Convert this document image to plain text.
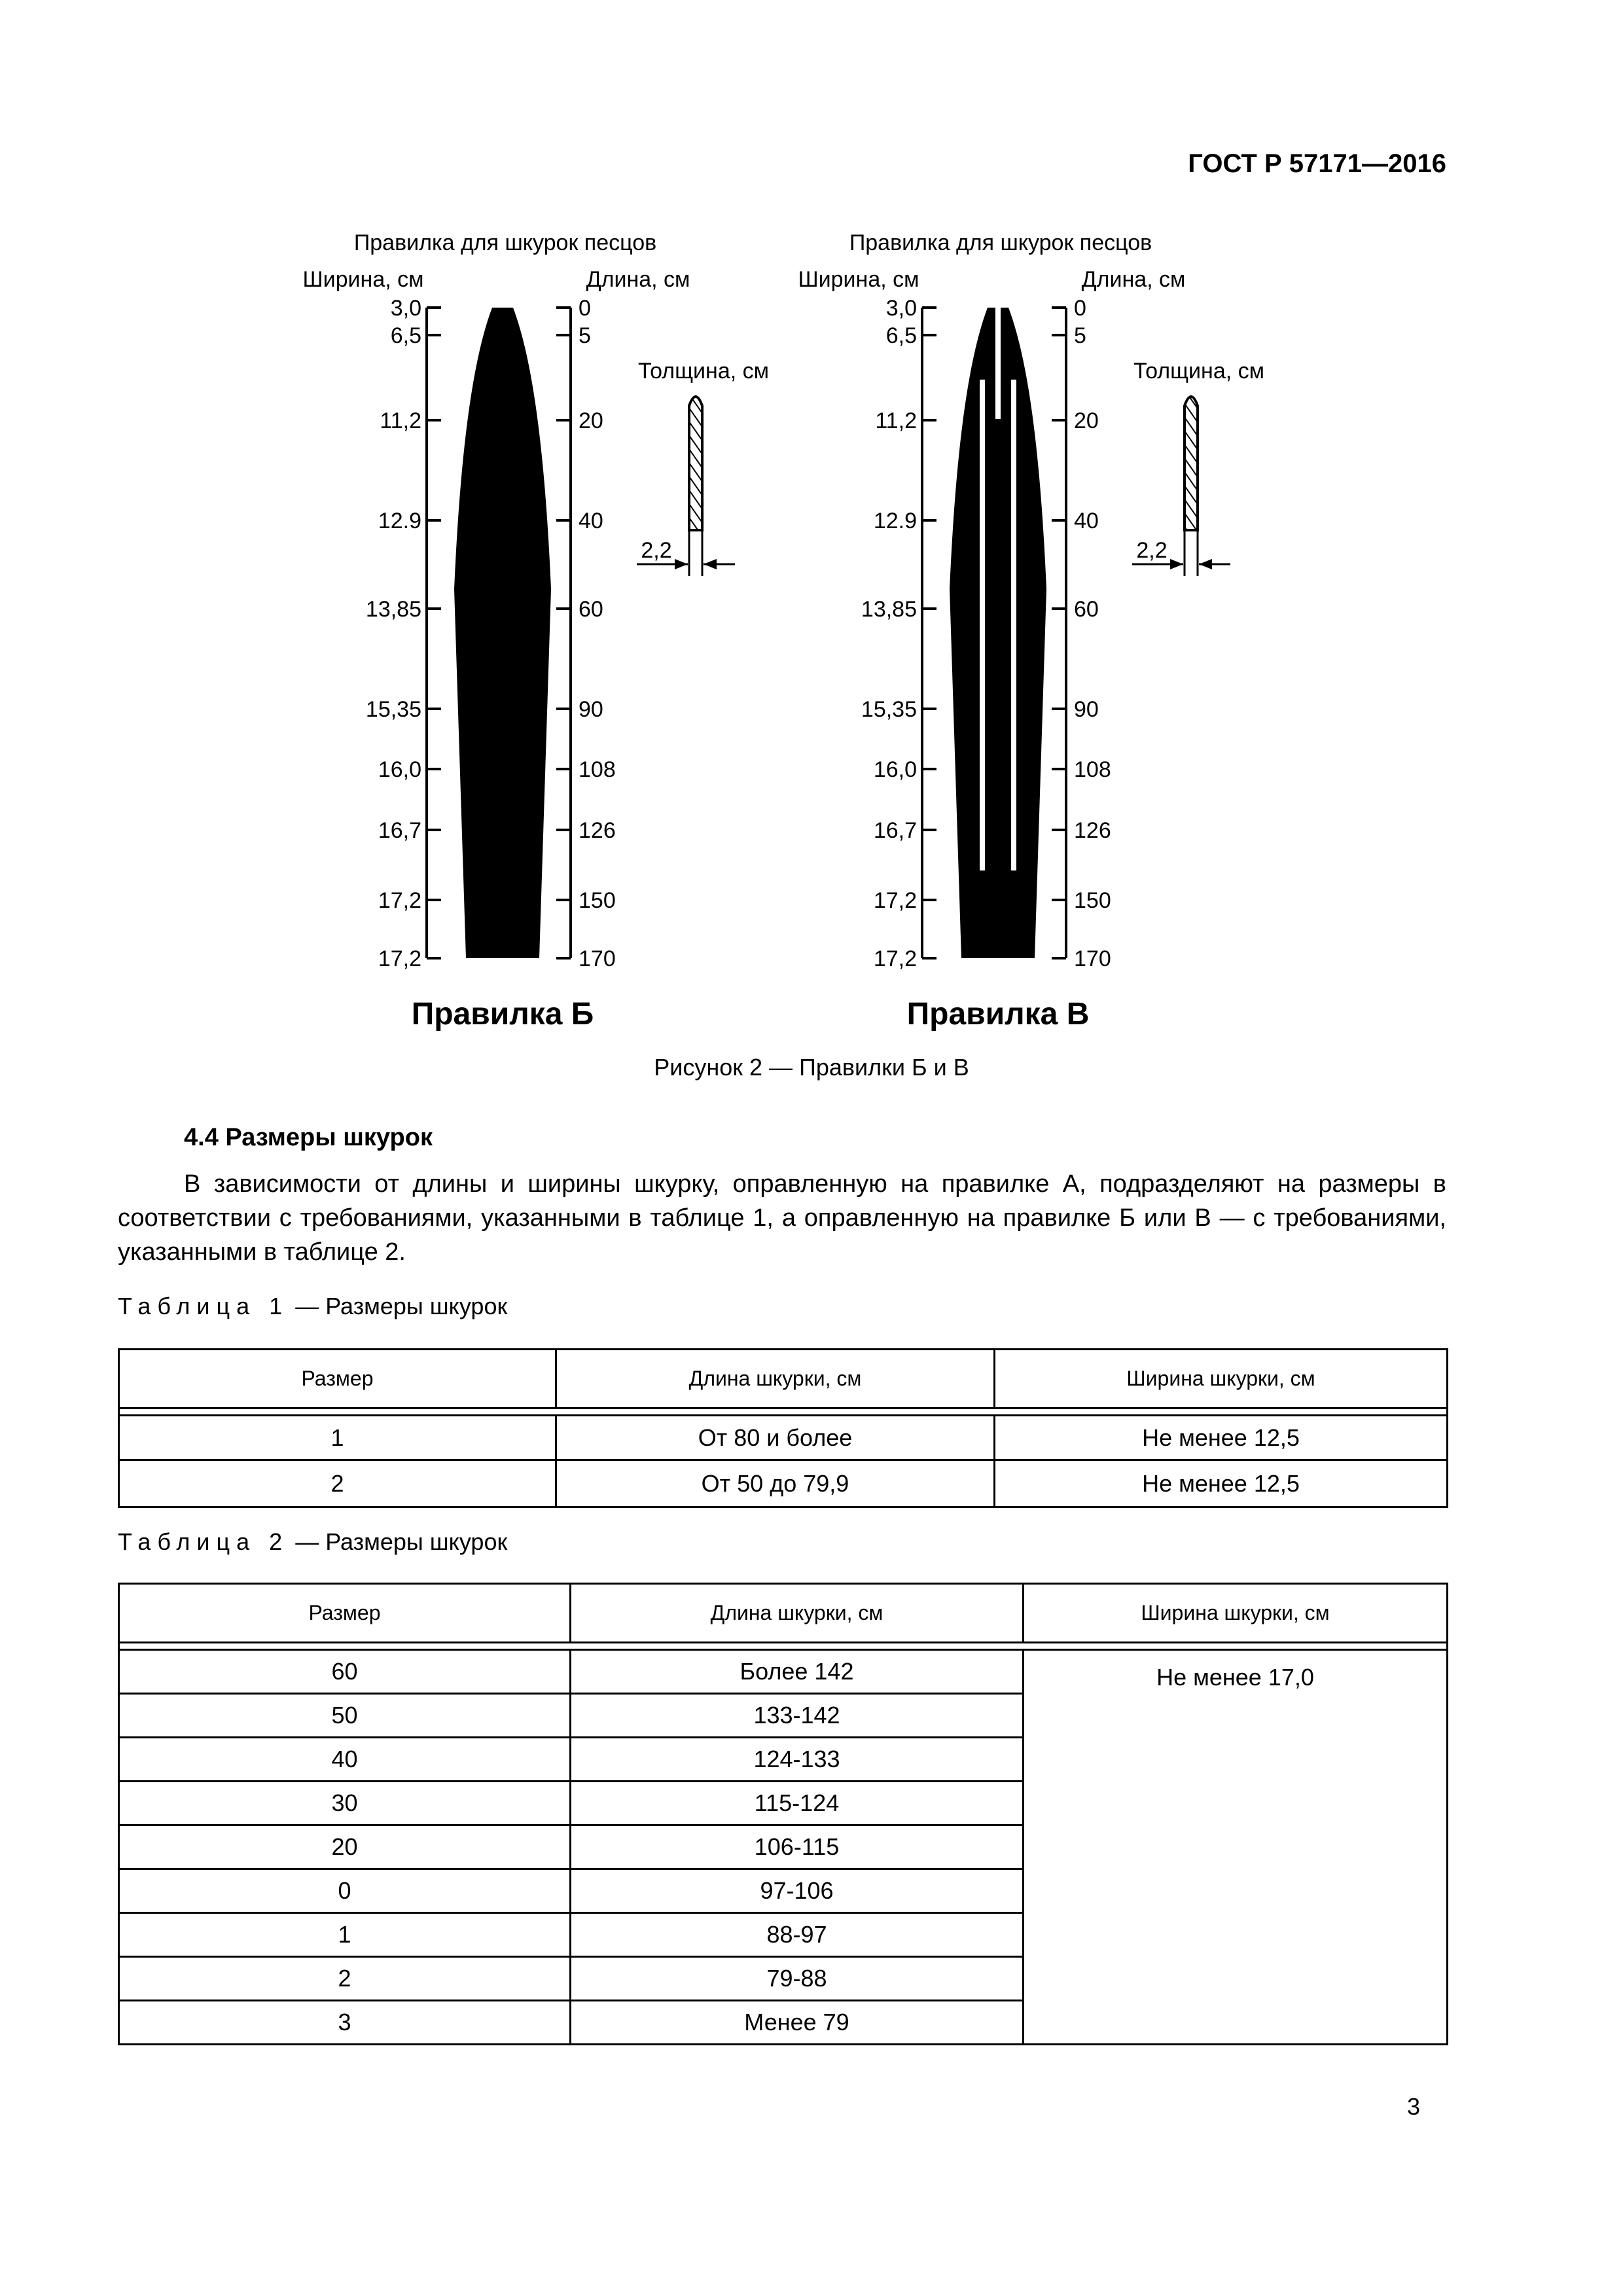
ГОСТ Р 57171—2016
Правилка для шкурок песцов
Ширина, см	Длина, см
3,0	0
6,5	5
11,2	20
12.9	40
13,85	60
15,35	90
16,0	108
16,7	126
17,2	150
17,2	170
Толщина, см
2,2
Правилка Б
Правилка для шкурок песцов
Ширина, см	Длина, см
3,0	0
6,5	5
11,2	20
12.9	40
13,85	60
15,35	90
16,0	108
16,7	126
17,2	150
17,2	170
Толщина, см
2,2
Правилка В
Рисунок 2 — Правилки Б и В
4.4 Размеры шкурок
В зависимости от длины и ширины шкурку, оправленную на правилке А, подразделяют на размеры в соответствии с требованиями, указанными в таблице 1, а оправленную на правилке Б или В — с требованиями, указанными в таблице 2.
Таблица 1 — Размеры шкурок
Размер	Длина шкурки, см	Ширина шкурки, см

1	От 80 и более	Не менее 12,5
2	От 50 до 79,9	Не менее 12,5
Таблица 2 — Размеры шкурок
Размер	Длина шкурки, см	Ширина шкурки, см

60	Более 142	Не менее 17,0
50	133-142	
40	124-133	
30	115-124	
20	106-115	
0	97-106	
1	88-97	
2	79-88	
3	Менее 79	
3
